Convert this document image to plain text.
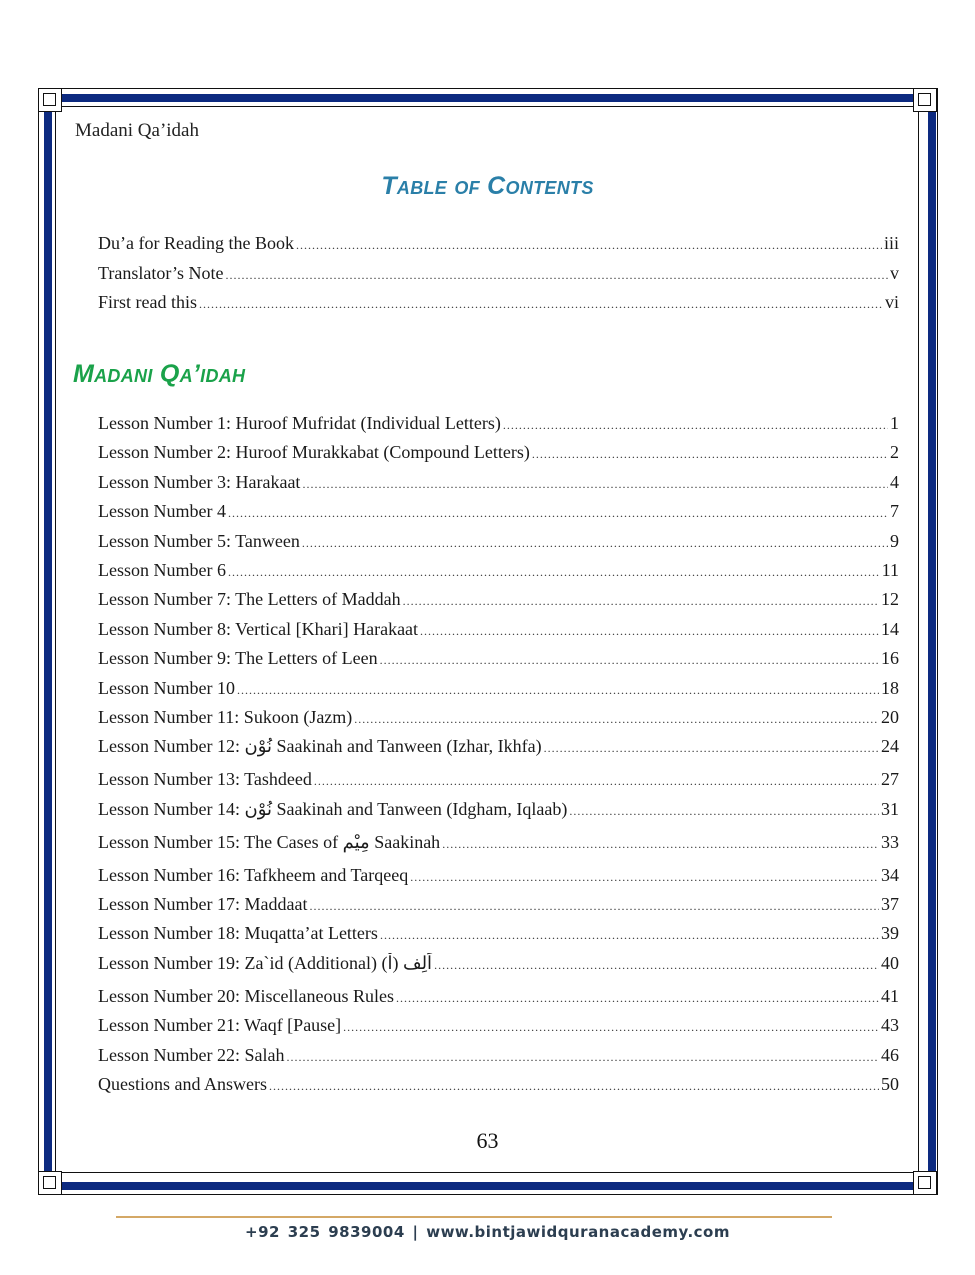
Madani Qa’idah
Table of Contents
Du’a for Reading the Book .....	iii
Translator’s Note .....	v
First read this .....	vi
Madani Qa’idah
Lesson Number 1: Huroof Mufridat (Individual Letters) .....	1
Lesson Number 2: Huroof Murakkabat (Compound Letters) .....	2
Lesson Number 3: Harakaat .....	4
Lesson Number 4 .....	7
Lesson Number 5: Tanween .....	9
Lesson Number 6 .....	11
Lesson Number 7: The Letters of Maddah .....	12
Lesson Number 8: Vertical [Khari] Harakaat .....	14
Lesson Number 9: The Letters of Leen .....	16
Lesson Number 10 .....	18
Lesson Number 11: Sukoon (Jazm) .....	20
Lesson Number 12: نُوْن Saakinah and Tanween (Izhar, Ikhfa) .....	24
Lesson Number 13: Tashdeed .....	27
Lesson Number 14: نُوْن Saakinah and Tanween (Idgham, Iqlaab) .....	31
Lesson Number 15: The Cases of مِيْم Saakinah .....	33
Lesson Number 16: Tafkheem and Tarqeeq .....	34
Lesson Number 17: Maddaat .....	37
Lesson Number 18: Muqatta’at Letters .....	39
Lesson Number 19: Za`id (Additional) اَلِف (اْ) .....	40
Lesson Number 20: Miscellaneous Rules .....	41
Lesson Number 21: Waqf [Pause] .....	43
Lesson Number 22: Salah .....	46
Questions and Answers .....	50
63
+92 325 9839004 | www.bintjawidquranacademy.com
